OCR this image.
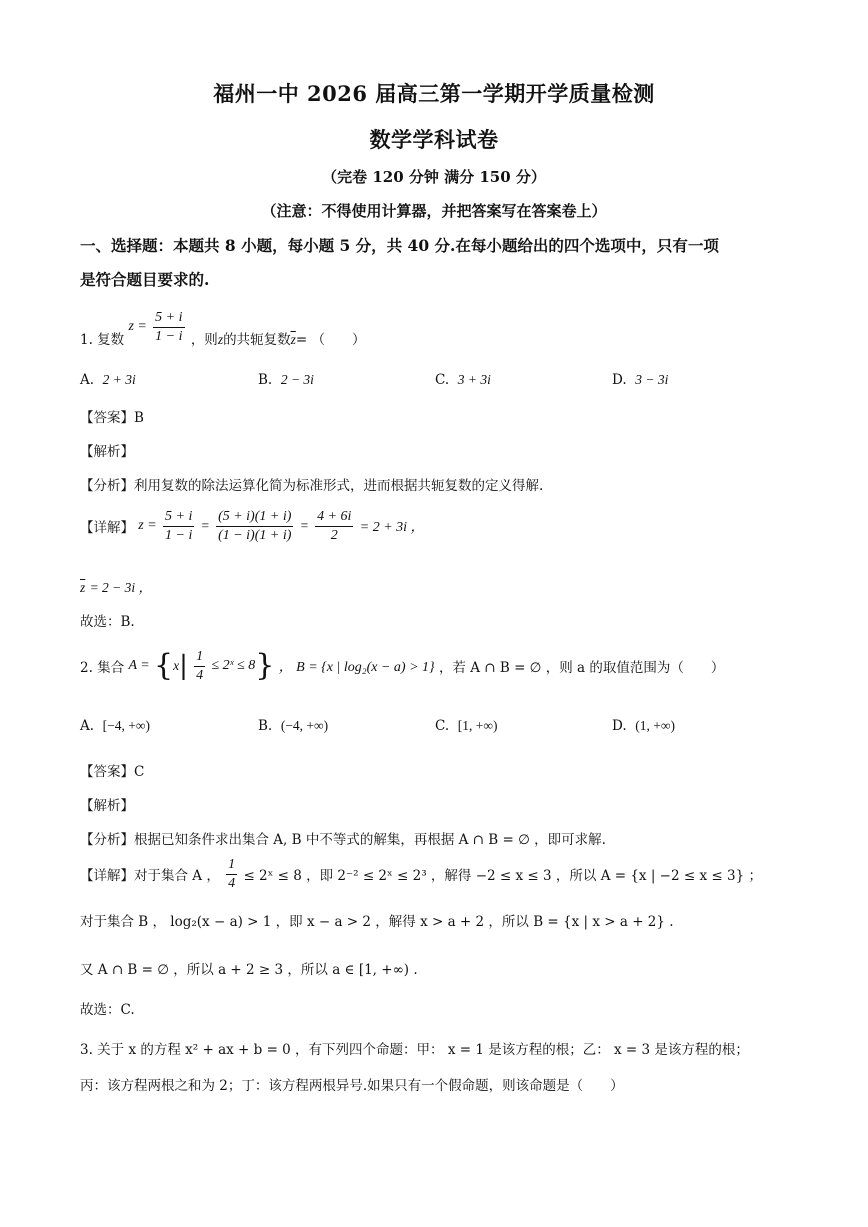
福州一中 2026 届高三第一学期开学质量检测
数学学科试卷
（完卷 120 分钟 满分 150 分）
（注意：不得使用计算器，并把答案写在答案卷上）
一、选择题：本题共 8 小题，每小题 5 分，共 40 分.在每小题给出的四个选项中，只有一项
是符合题目要求的.
1. 复数 $z = \frac{5 + i}{1 - i}$ ，则z的共轭复数$\overline{z}=$ （　　）
A. 2 + 3i	B. 2 − 3i	C. 3 + 3i	D. 3 − 3i
【答案】B
【解析】
【分析】利用复数的除法运算化简为标准形式，进而根据共轭复数的定义得解.
【详解】 $z = \frac{5 + i}{1 - i} = \frac{(5 + i)(1 + i)}{(1 - i)(1 + i)} = \frac{4 + 6i}{2} = 2 + 3i$ ，
$\overline{z} = 2 - 3i$ ，
故选：B.
2. 集合 $A = \{x| \frac{1}{4}$ ≤ 2ˣ ≤ 8} ， B = {x | log₂(x − a) > 1} ，若 A ∩ B = ∅ ，则 a 的取值范围为（　　）
A. [−4, +∞)	B. (−4, +∞)	C. [1, +∞)	D. (1, +∞)
【答案】C
【解析】
【分析】根据已知条件求出集合 A, B 中不等式的解集，再根据 A ∩ B = ∅ ，即可求解.
【详解】对于集合 A ， $\frac{1}{4}$ ≤ 2ˣ ≤ 8 ，即 2⁻² ≤ 2ˣ ≤ 2³ ，解得 −2 ≤ x ≤ 3 ，所以 A = {x | −2 ≤ x ≤ 3} ；
对于集合 B ， log₂(x − a) > 1 ，即 x − a > 2 ，解得 x > a + 2 ，所以 B = {x | x > a + 2} .
又 A ∩ B = ∅ ，所以 a + 2 ≥ 3 ，所以 a ∈ [1, +∞) .
故选：C.
3. 关于 x 的方程 x² + ax + b = 0 ，有下列四个命题：甲： x = 1 是该方程的根；乙： x = 3 是该方程的根；
丙：该方程两根之和为 2；丁：该方程两根异号.如果只有一个假命题，则该命题是（　　）
